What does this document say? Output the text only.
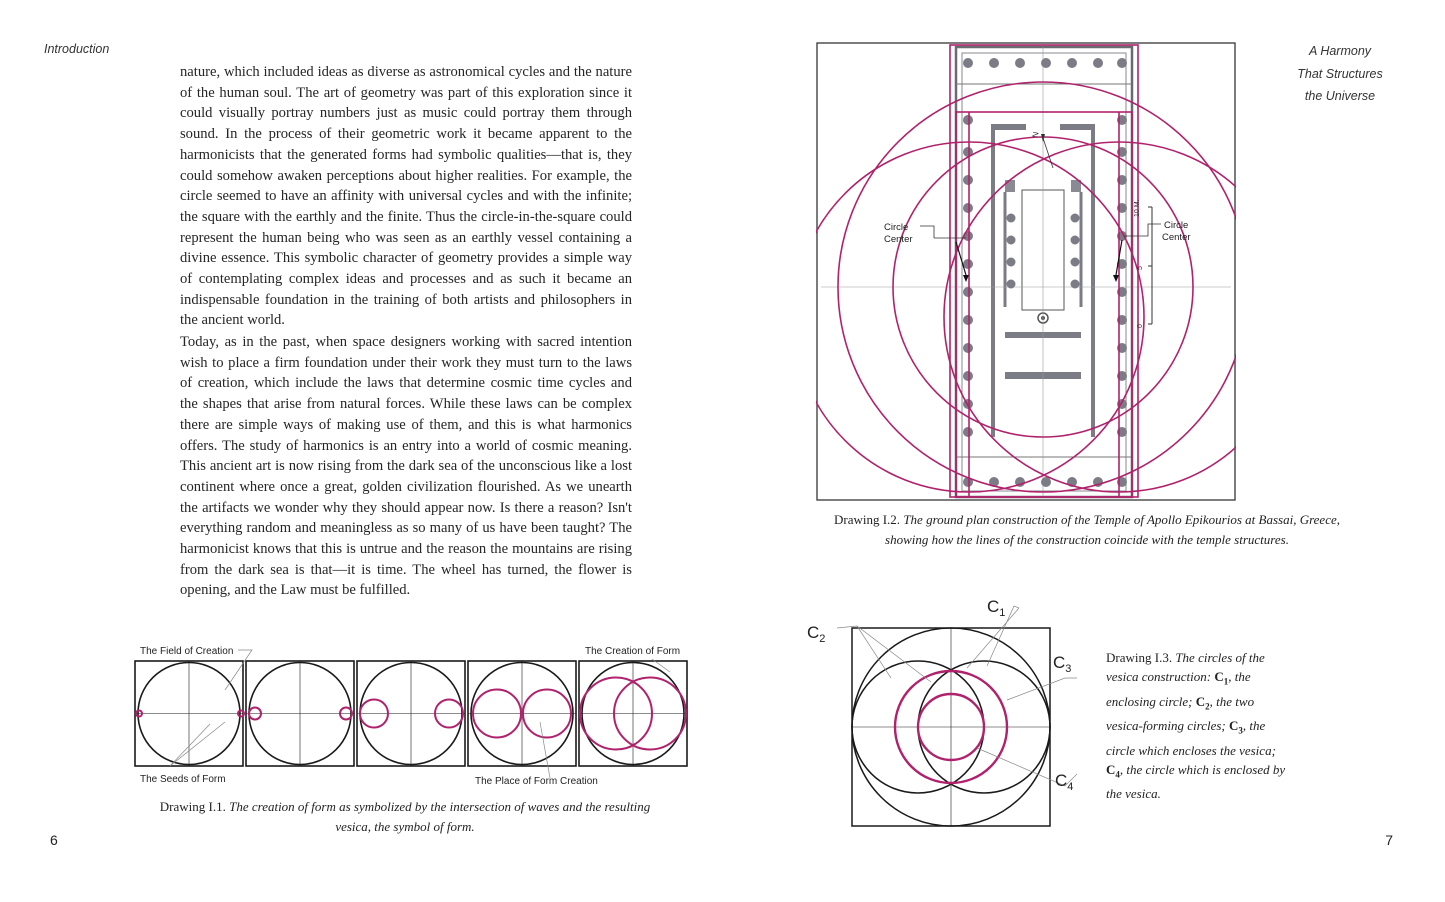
Introduction

nature, which included ideas as diverse as astronomical cycles and the nature of the human soul. The art of geometry was part of this exploration since it could visually portray numbers just as music could portray them through sound. In the process of their geometric work it became apparent to the harmonicists that the generated forms had symbolic qualities—that is, they could somehow awaken perceptions about higher realities. For example, the circle seemed to have an affinity with universal cycles and with the infinite; the square with the earthly and the finite. Thus the circle-in-the-square could represent the human being who was seen as an earthly vessel containing a divine essence. This symbolic character of geometry provides a simple way of contemplating complex ideas and processes and as such it became an indispensable foundation in the training of both artists and philosophers in the ancient world.

Today, as in the past, when space designers working with sacred intention wish to place a firm foundation under their work they must turn to the laws of creation, which include the laws that determine cosmic time cycles and the shapes that arise from natural forces. While these laws can be complex there are simple ways of making use of them, and this is what harmonics offers. The study of harmonics is an entry into a world of cosmic meaning. This ancient art is now rising from the dark sea of the unconscious like a lost continent where once a great, golden civilization flourished. As we unearth the artifacts we wonder why they should appear now. Is there a reason? Isn't everything random and meaningless as so many of us have been taught? The harmonicist knows that this is untrue and the reason the mountains are rising from the dark sea is that—it is time. The wheel has turned, the flower is opening, and the Law must be fulfilled.

The Field of Creation	The Creation of Form
The Seeds of Form	The Place of Form Creation
Drawing I.1. The creation of form as symbolized by the intersection of waves and the resulting vesica, the symbol of form.
6
A Harmony
That Structures
the Universe
Circle
Center
Circle
Center
N
10 M.
5
0
Drawing I.2. The ground plan construction of the Temple of Apollo Epikourios at Bassai, Greece, showing how the lines of the construction coincide with the temple structures.
$C_1$
$C_2$
$C_3$
$C_4$
Drawing I.3. The circles of the vesica construction: $C_1$, the enclosing circle; $C_2$, the two vesica-forming circles; $C_3$, the circle which encloses the vesica; $C_4$, the circle which is enclosed by the vesica.
7
